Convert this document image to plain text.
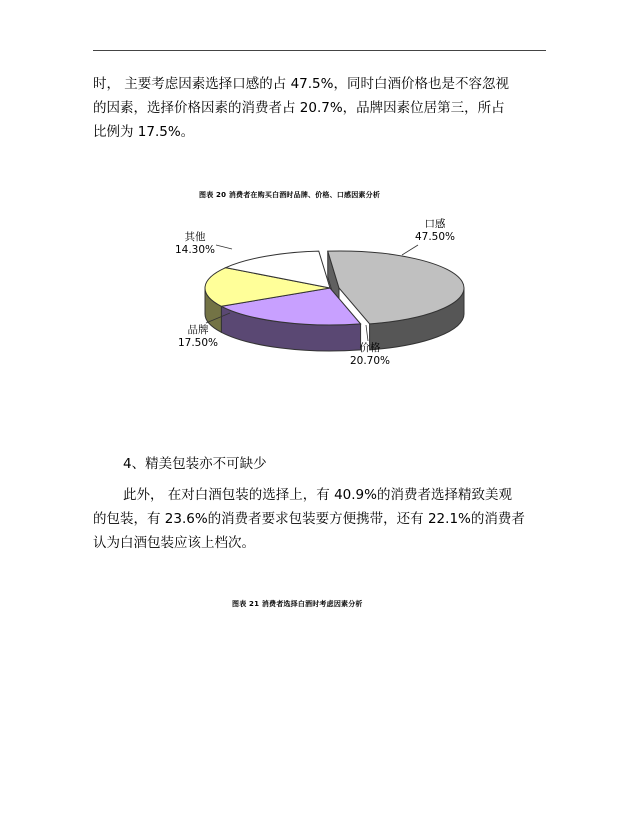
时， 主要考虑因素选择口感的占 47.5%，同时白酒价格也是不容忽视
的因素，选择价格因素的消费者占 20.7%，品牌因素位居第三，所占
比例为 17.5%。
图表 20 消费者在购买白酒时品牌、价格、口感因素分析
口感
47.50%
价格
20.70%
品牌
17.50%
其他
14.30%
4、精美包装亦不可缺少
此外， 在对白酒包装的选择上，有 40.9%的消费者选择精致美观
的包装，有 23.6%的消费者要求包装要方便携带，还有 22.1%的消费者
认为白酒包装应该上档次。
图表 21 消费者选择白酒时考虑因素分析
